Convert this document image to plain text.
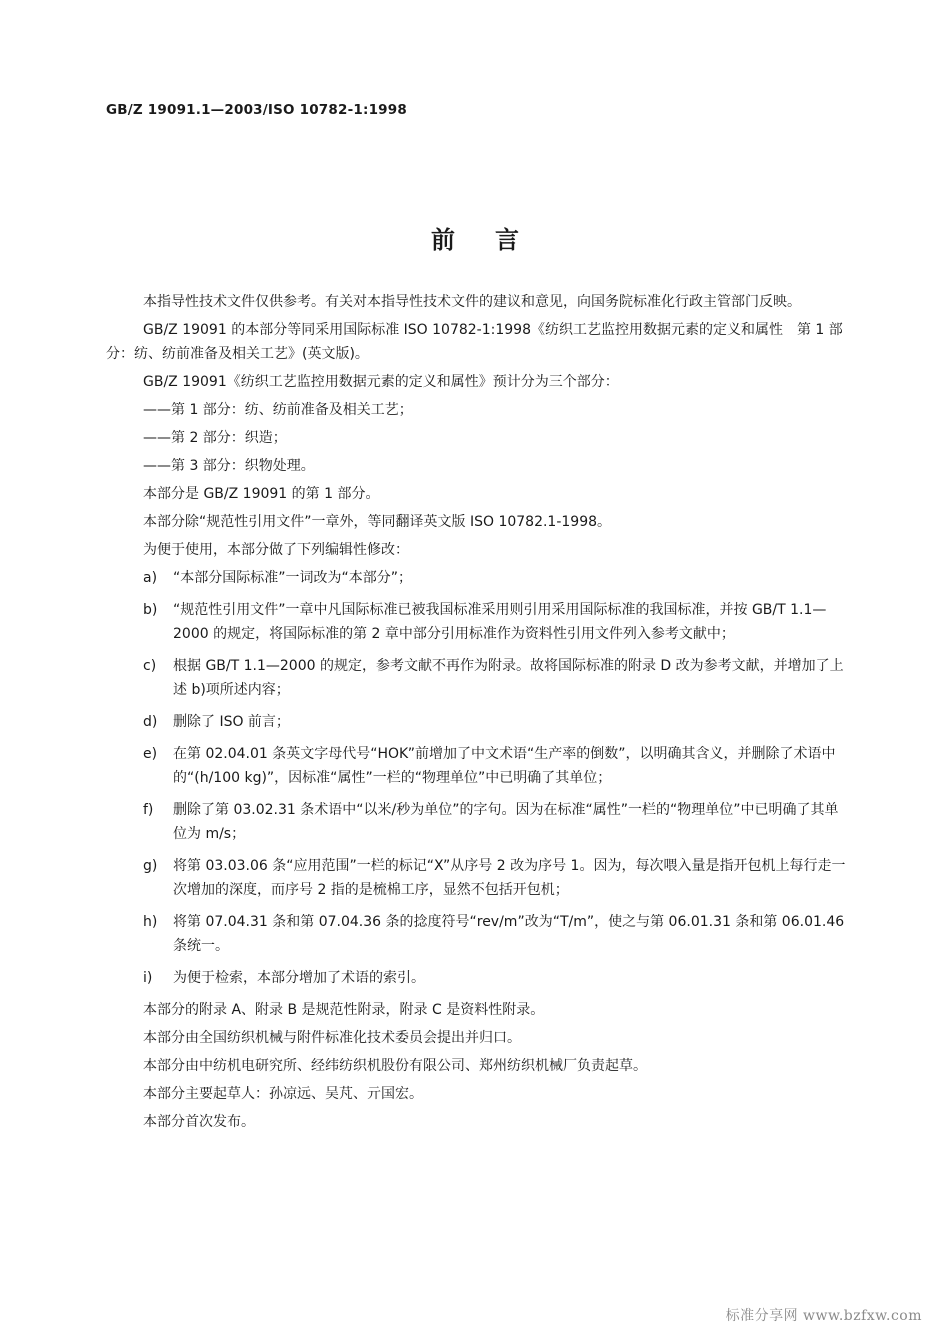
GB/Z 19091.1—2003/ISO 10782-1:1998
前言

本指导性技术文件仅供参考。有关对本指导性技术文件的建议和意见，向国务院标准化行政主管部门反映。

GB/Z 19091 的本部分等同采用国际标准 ISO 10782-1:1998《纺织工艺监控用数据元素的定义和属性　第 1 部分：纺、纺前准备及相关工艺》(英文版)。

GB/Z 19091《纺织工艺监控用数据元素的定义和属性》预计分为三个部分：

——第 1 部分：纺、纺前准备及相关工艺；
——第 2 部分：织造；
——第 3 部分：织物处理。

本部分是 GB/Z 19091 的第 1 部分。

本部分除“规范性引用文件”一章外，等同翻译英文版 ISO 10782.1-1998。

为便于使用，本部分做了下列编辑性修改：

a)	“本部分国际标准”一词改为“本部分”；
b)	“规范性引用文件”一章中凡国际标准已被我国标准采用则引用采用国际标准的我国标准，并按 GB/T 1.1—2000 的规定，将国际标准的第 2 章中部分引用标准作为资料性引用文件列入参考文献中；
c)	根据 GB/T 1.1—2000 的规定，参考文献不再作为附录。故将国际标准的附录 D 改为参考文献，并增加了上述 b)项所述内容；
d)	删除了 ISO 前言；
e)	在第 02.04.01 条英文字母代号“HOK”前增加了中文术语“生产率的倒数”，以明确其含义，并删除了术语中的“(h/100 kg)”，因标准“属性”一栏的“物理单位”中已明确了其单位；
f)	删除了第 03.02.31 条术语中“以米/秒为单位”的字句。因为在标准“属性”一栏的“物理单位”中已明确了其单位为 m/s；
g)	将第 03.03.06 条“应用范围”一栏的标记“X”从序号 2 改为序号 1。因为，每次喂入量是指开包机上每行走一次增加的深度，而序号 2 指的是梳棉工序，显然不包括开包机；
h)	将第 07.04.31 条和第 07.04.36 条的捻度符号“rev/m”改为“T/m”，使之与第 06.01.31 条和第 06.01.46 条统一。
i)	为便于检索，本部分增加了术语的索引。

本部分的附录 A、附录 B 是规范性附录，附录 C 是资料性附录。

本部分由全国纺织机械与附件标准化技术委员会提出并归口。

本部分由中纺机电研究所、经纬纺织机股份有限公司、郑州纺织机械厂负责起草。

本部分主要起草人：孙凉远、吴芃、亓国宏。

本部分首次发布。

标准分享网 www.bzfxw.com
